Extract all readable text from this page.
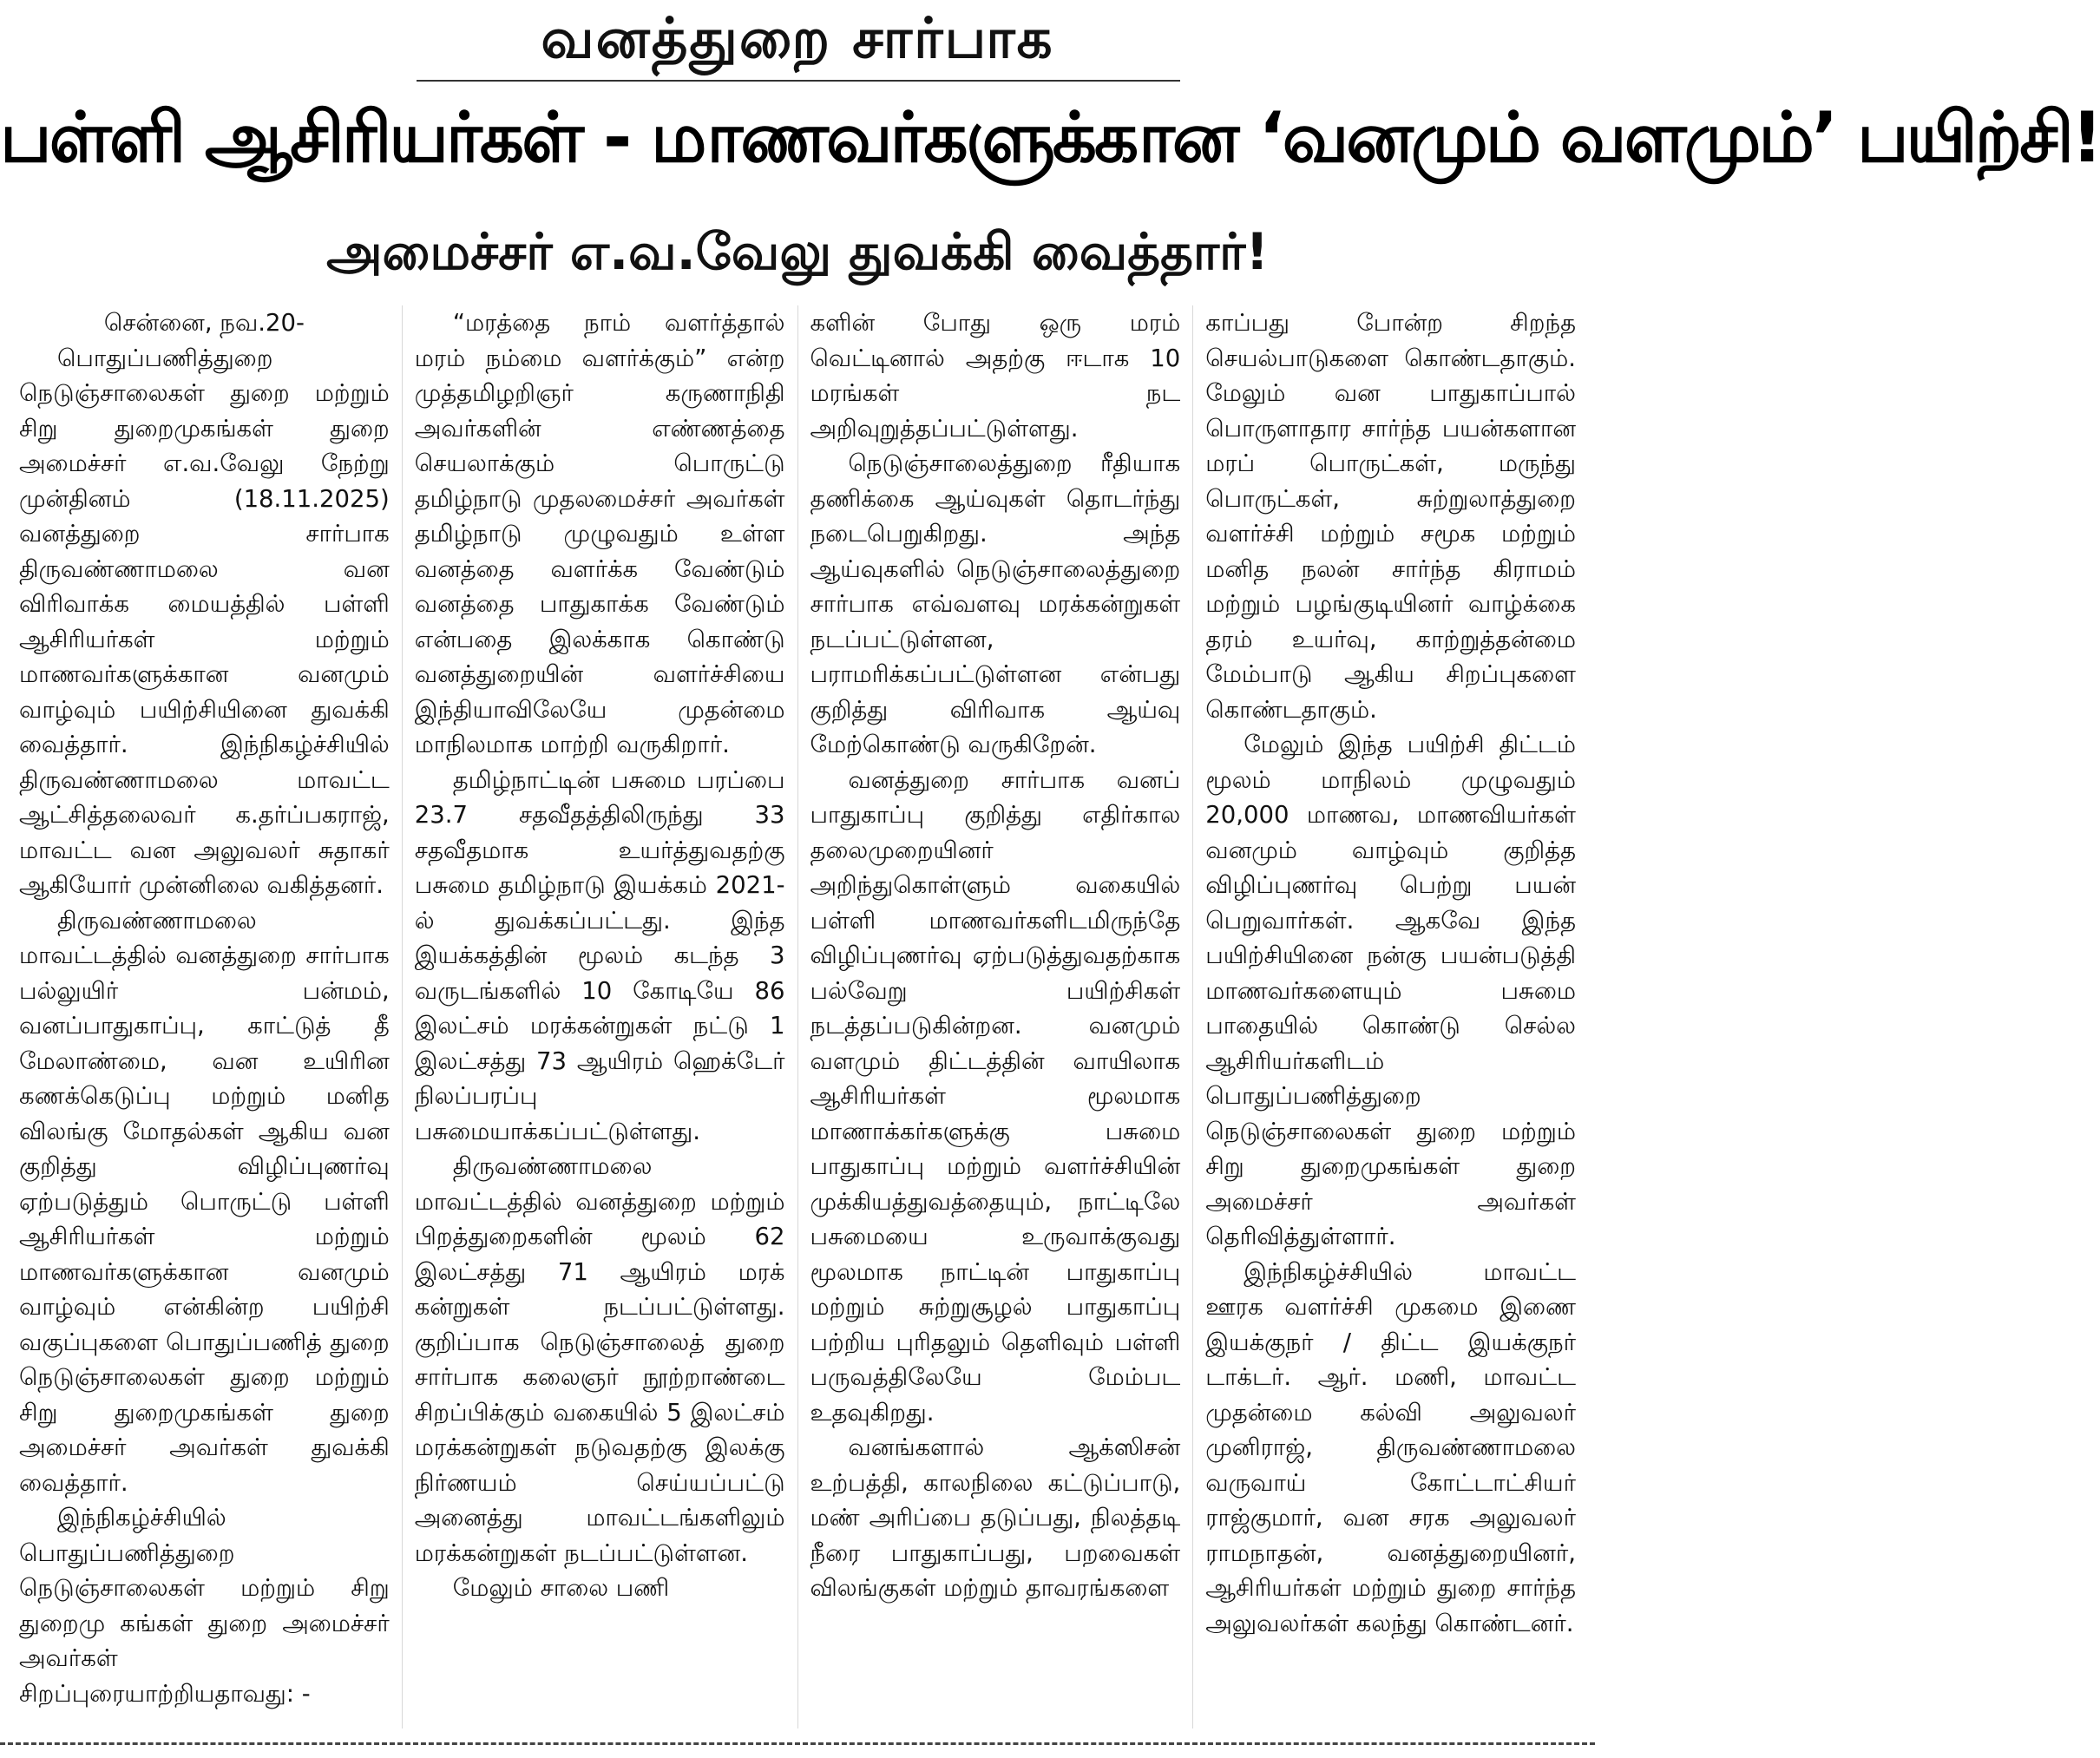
வனத்துறை சார்பாக
பள்ளி ஆசிரியர்கள் - மாணவர்களுக்கான ‘வனமும் வளமும்’ பயிற்சி!
அமைச்சர் எ.வ.வேலு துவக்கி வைத்தார்!

சென்னை, நவ.20-

பொதுப்பணித்துறை நெடுஞ்சாலைகள் துறை மற்றும் சிறு துறைமுகங்கள் துறை அமைச்சர் எ.வ.வேலு நேற்று முன்தினம் (18.11.2025) வனத்துறை சார்பாக திருவண்ணாமலை வன விரிவாக்க மையத்தில் பள்ளி ஆசிரியர்கள் மற்றும் மாணவர்களுக்கான வனமும் வாழ்வும் பயிற்சியினை துவக்கி வைத்தார். இந்நிகழ்ச்சியில் திருவண்ணாமலை மாவட்ட ஆட்சித்தலைவர் க.தர்ப்பகராஜ், மாவட்ட வன அலுவலர் சுதாகர் ஆகியோர் முன்னிலை வகித்தனர்.

திருவண்ணாமலை மாவட்டத்தில் வனத்துறை சார்பாக பல்லுயிர் பன்மம், வனப்பாதுகாப்பு, காட்டுத் தீ மேலாண்மை, வன உயிரின கணக்கெடுப்பு மற்றும் மனித விலங்கு மோதல்கள் ஆகிய வன குறித்து விழிப்புணர்வு ஏற்படுத்தும் பொருட்டு பள்ளி ஆசிரியர்கள் மற்றும் மாணவர்களுக்கான வனமும் வாழ்வும் என்கின்ற பயிற்சி வகுப்புகளை பொதுப்பணித் துறை நெடுஞ்சாலைகள் துறை மற்றும் சிறு துறைமுகங்கள் துறை அமைச்சர் அவர்கள் துவக்கி வைத்தார்.

இந்நிகழ்ச்சியில் பொதுப்பணித்துறை நெடுஞ்சாலைகள் மற்றும் சிறு துறைமு கங்கள் துறை அமைச்சர் அவர்கள் சிறப்புரையாற்றியதாவது: -

“மரத்தை நாம் வளர்த்தால் மரம் நம்மை வளர்க்கும்” என்ற முத்தமிழறிஞர் கருணாநிதி அவர்களின் எண்ணத்தை செயலாக்கும் பொருட்டு தமிழ்நாடு முதலமைச்சர் அவர்கள் தமிழ்நாடு முழுவதும் உள்ள வனத்தை வளர்க்க வேண்டும் வனத்தை பாதுகாக்க வேண்டும் என்பதை இலக்காக கொண்டு வனத்துறையின் வளர்ச்சியை இந்தியாவிலேயே முதன்மை மாநிலமாக மாற்றி வருகிறார்.

தமிழ்நாட்டின் பசுமை பரப்பை 23.7 சதவீதத்திலிருந்து 33 சதவீதமாக உயர்த்துவதற்கு பசுமை தமிழ்நாடு இயக்கம் 2021-ல் துவக்கப்பட்டது. இந்த இயக்கத்தின் மூலம் கடந்த 3 வருடங்களில் 10 கோடியே 86 இலட்சம் மரக்கன்றுகள் நட்டு 1 இலட்சத்து 73 ஆயிரம் ஹெக்டேர் நிலப்பரப்பு பசுமையாக்கப்பட்டுள்ளது.

திருவண்ணாமலை மாவட்டத்தில் வனத்துறை மற்றும் பிறத்துறைகளின் மூலம் 62 இலட்சத்து 71 ஆயிரம் மரக் கன்றுகள் நடப்பட்டுள்ளது. குறிப்பாக நெடுஞ்சாலைத் துறை சார்பாக கலைஞர் நூற்றாண்டை சிறப்பிக்கும் வகையில் 5 இலட்சம் மரக்கன்றுகள் நடுவதற்கு இலக்கு நிர்ணயம் செய்யப்பட்டு அனைத்து மாவட்டங்களிலும் மரக்கன்றுகள் நடப்பட்டுள்ளன.

மேலும் சாலை பணி

களின் போது ஒரு மரம் வெட்டினால் அதற்கு ஈடாக 10 மரங்கள் நட அறிவுறுத்தப்பட்டுள்ளது.

நெடுஞ்சாலைத்துறை ரீதியாக தணிக்கை ஆய்வுகள் தொடர்ந்து நடைபெறுகிறது. அந்த ஆய்வுகளில் நெடுஞ்சாலைத்துறை சார்பாக எவ்வளவு மரக்கன்றுகள் நடப்பட்டுள்ளன, பராமரிக்கப்பட்டுள்ளன என்பது குறித்து விரிவாக ஆய்வு மேற்கொண்டு வருகிறேன்.

வனத்துறை சார்பாக வனப் பாதுகாப்பு குறித்து எதிர்கால தலைமுறையினர் அறிந்துகொள்ளும் வகையில் பள்ளி மாணவர்களிடமிருந்தே விழிப்புணர்வு ஏற்படுத்துவதற்காக பல்வேறு பயிற்சிகள் நடத்தப்படுகின்றன. வனமும் வளமும் திட்டத்தின் வாயிலாக ஆசிரியர்கள் மூலமாக மாணாக்கர்களுக்கு பசுமை பாதுகாப்பு மற்றும் வளர்ச்சியின் முக்கியத்துவத்தையும், நாட்டிலே பசுமையை உருவாக்குவது மூலமாக நாட்டின் பாதுகாப்பு மற்றும் சுற்றுசூழல் பாதுகாப்பு பற்றிய புரிதலும் தெளிவும் பள்ளி பருவத்திலேயே மேம்பட உதவுகிறது.

வனங்களால் ஆக்ஸிசன் உற்பத்தி, காலநிலை கட்டுப்பாடு, மண் அரிப்பை தடுப்பது, நிலத்தடி நீரை பாதுகாப்பது, பறவைகள் விலங்குகள் மற்றும் தாவரங்களை

காப்பது போன்ற சிறந்த செயல்பாடுகளை கொண்டதாகும். மேலும் வன பாதுகாப்பால் பொருளாதார சார்ந்த பயன்களான மரப் பொருட்கள், மருந்து பொருட்கள், சுற்றுலாத்துறை வளர்ச்சி மற்றும் சமூக மற்றும் மனித நலன் சார்ந்த கிராமம் மற்றும் பழங்குடியினர் வாழ்க்கை தரம் உயர்வு, காற்றுத்தன்மை மேம்பாடு ஆகிய சிறப்புகளை கொண்டதாகும்.

மேலும் இந்த பயிற்சி திட்டம் மூலம் மாநிலம் முழுவதும் 20,000 மாணவ, மாணவியர்கள் வனமும் வாழ்வும் குறித்த விழிப்புணர்வு பெற்று பயன் பெறுவார்கள். ஆகவே இந்த பயிற்சியினை நன்கு பயன்படுத்தி மாணவர்களையும் பசுமை பாதையில் கொண்டு செல்ல ஆசிரியர்களிடம் பொதுப்பணித்துறை நெடுஞ்சாலைகள் துறை மற்றும் சிறு துறைமுகங்கள் துறை அமைச்சர் அவர்கள் தெரிவித்துள்ளார்.

இந்நிகழ்ச்சியில் மாவட்ட ஊரக வளர்ச்சி முகமை இணை இயக்குநர் / திட்ட இயக்குநர் டாக்டர். ஆர். மணி, மாவட்ட முதன்மை கல்வி அலுவலர் முனிராஜ், திருவண்ணாமலை வருவாய் கோட்டாட்சியர் ராஜ்குமார், வன சரக அலுவலர் ராமநாதன், வனத்துறையினர், ஆசிரியர்கள் மற்றும் துறை சார்ந்த அலுவலர்கள் கலந்து கொண்டனர்.
